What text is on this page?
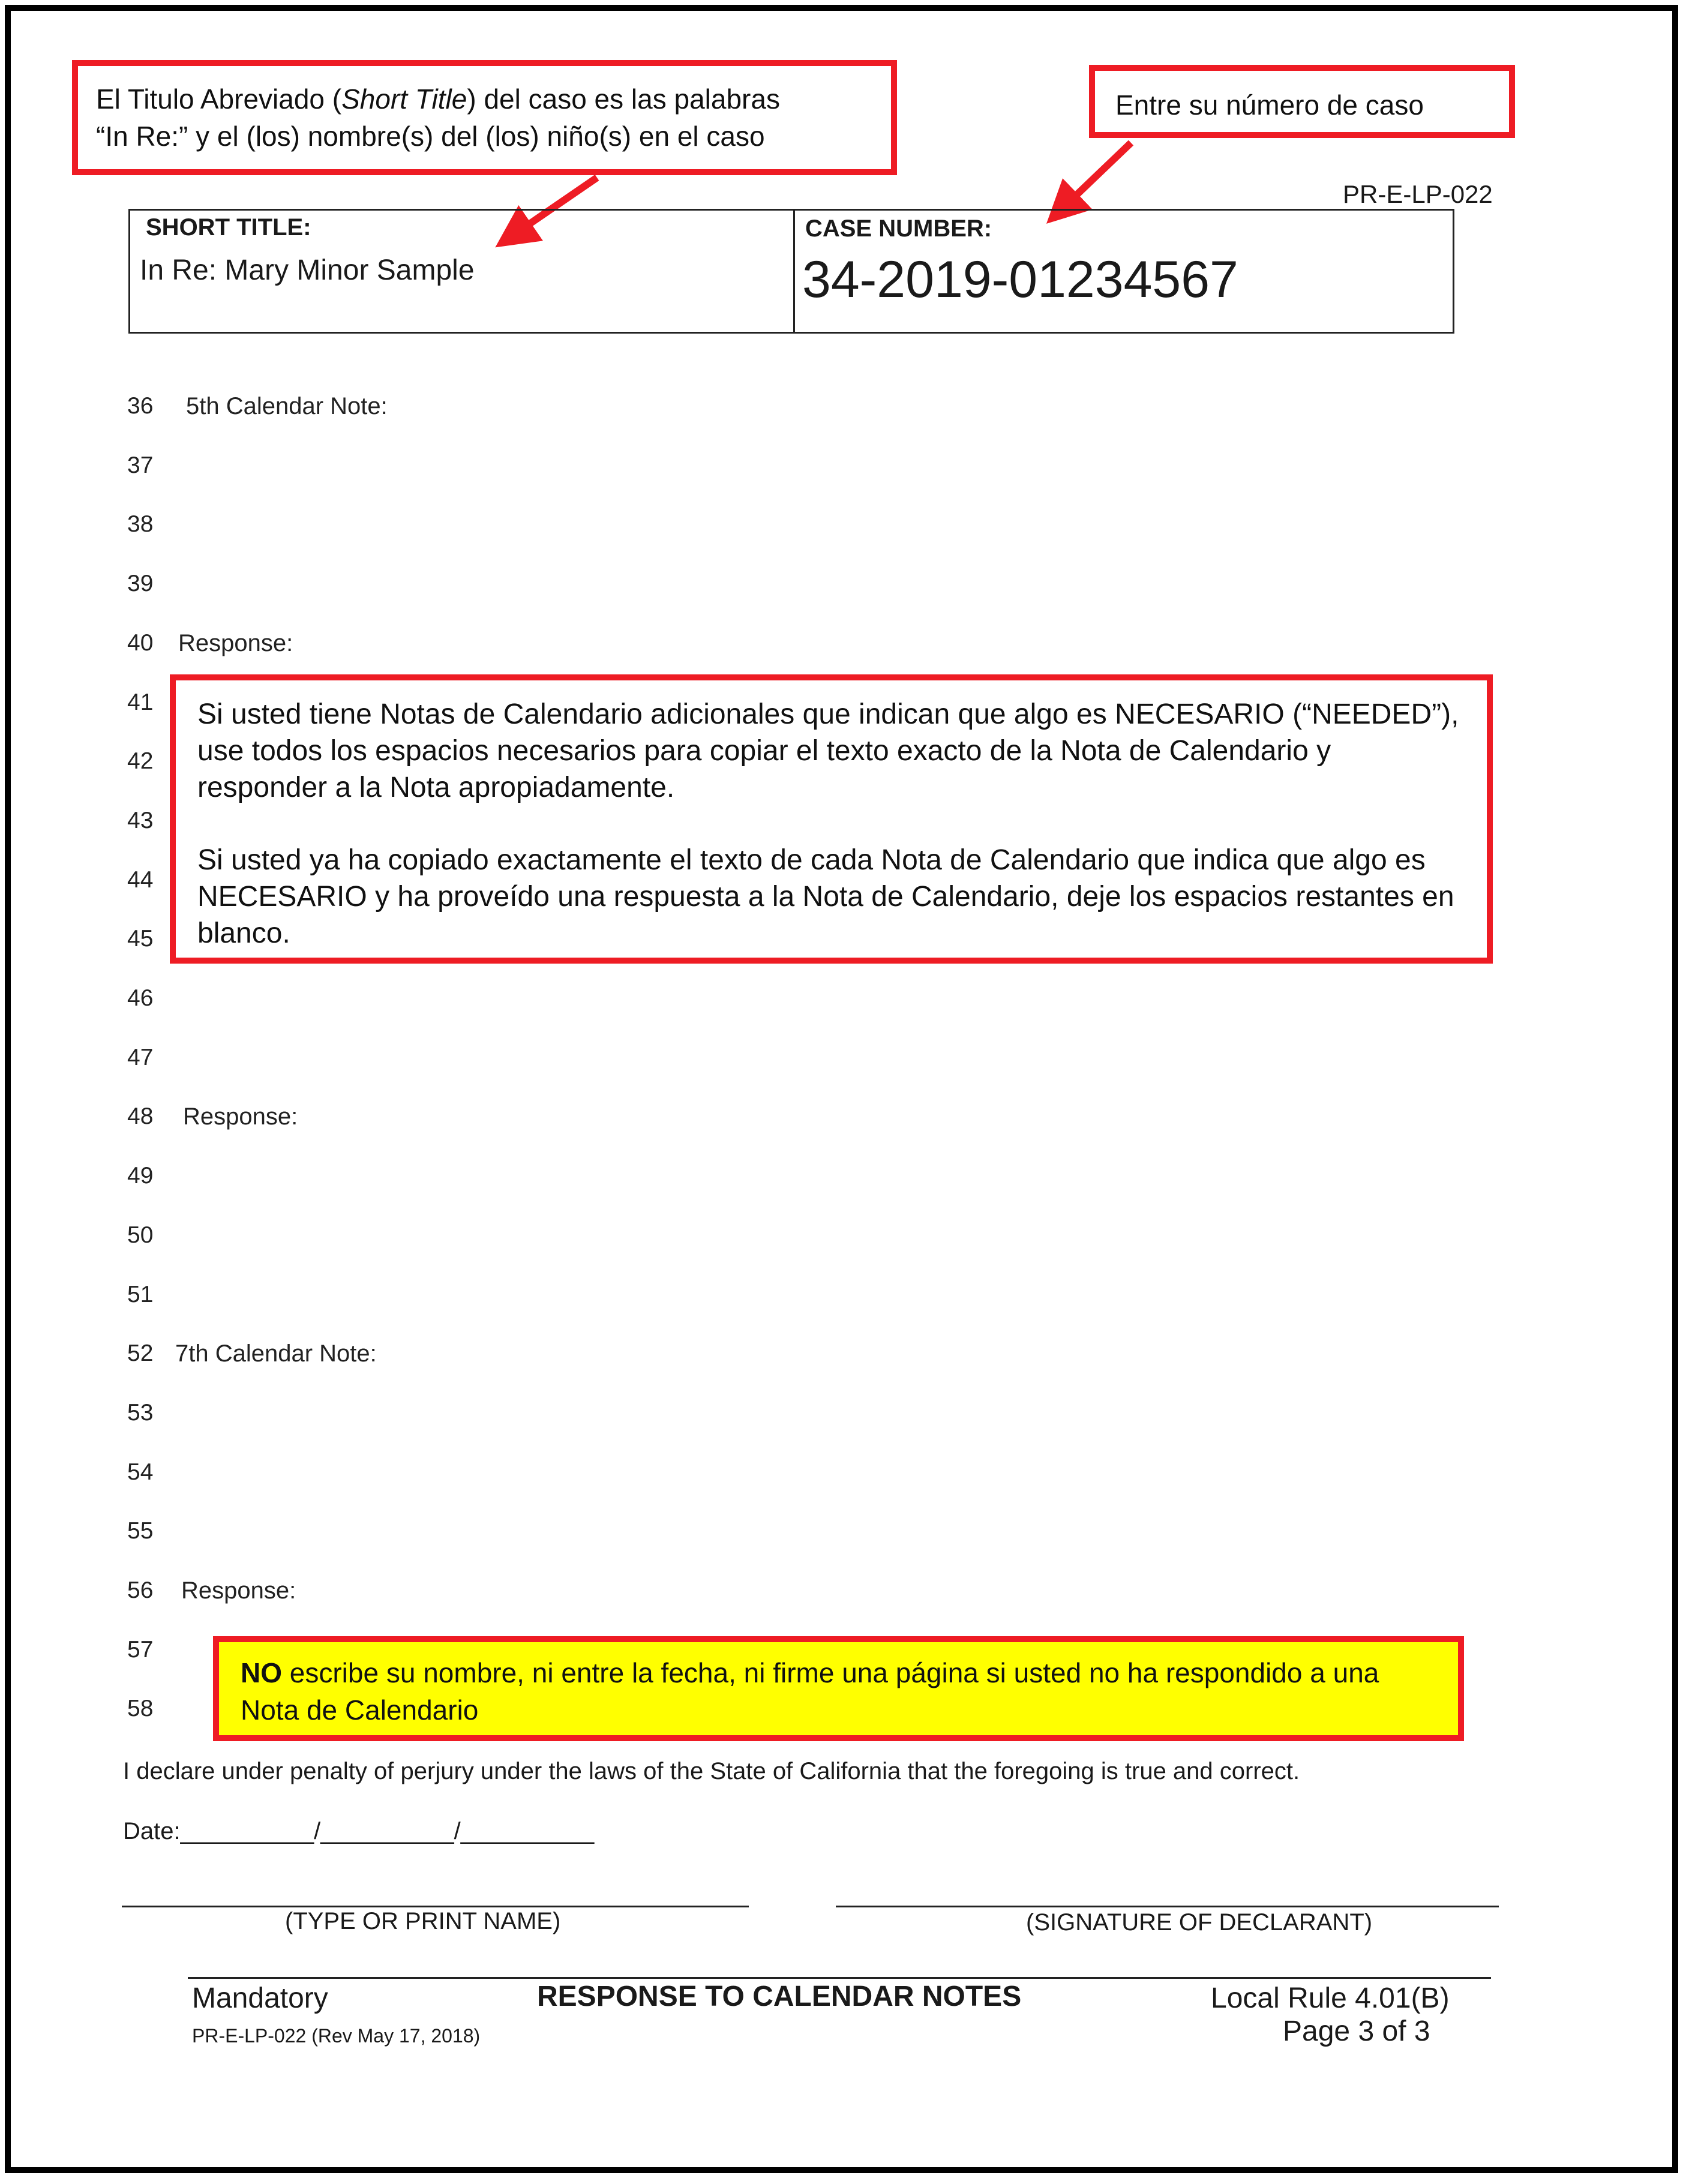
El Titulo Abreviado (Short Title) del caso es las palabras
“In Re:” y el (los) nombre(s) del (los) niño(s) en el caso
Entre su número de caso
PR-E-LP-022
SHORT TITLE:
In Re: Mary Minor Sample
CASE NUMBER:
34-2019-01234567
36 5th Calendar Note:
37
38
39
40 Response:
41
42
43
44
45
46
47
48 Response:
49
50
51
52 7th Calendar Note:
53
54
55
56 Response:
57
58
Si usted tiene Notas de Calendario adicionales que indican que algo es NECESARIO (“NEEDED”), use todos los espacios necesarios para copiar el texto exacto de la Nota de Calendario y responder a la Nota apropiadamente.
Si usted ya ha copiado exactamente el texto de cada Nota de Calendario que indica que algo es NECESARIO y ha proveído una respuesta a la Nota de Calendario, deje los espacios restantes en blanco.
NO escribe su nombre, ni entre la fecha, ni firme una página si usted no ha respondido a una Nota de Calendario
I declare under penalty of perjury under the laws of the State of California that the foregoing is true and correct.
Date:__________/__________/__________
(TYPE OR PRINT NAME)	(SIGNATURE OF DECLARANT)
Mandatory
PR-E-LP-022 (Rev May 17, 2018)
RESPONSE TO CALENDAR NOTES	Local Rule 4.01(B)
Page 3 of 3
